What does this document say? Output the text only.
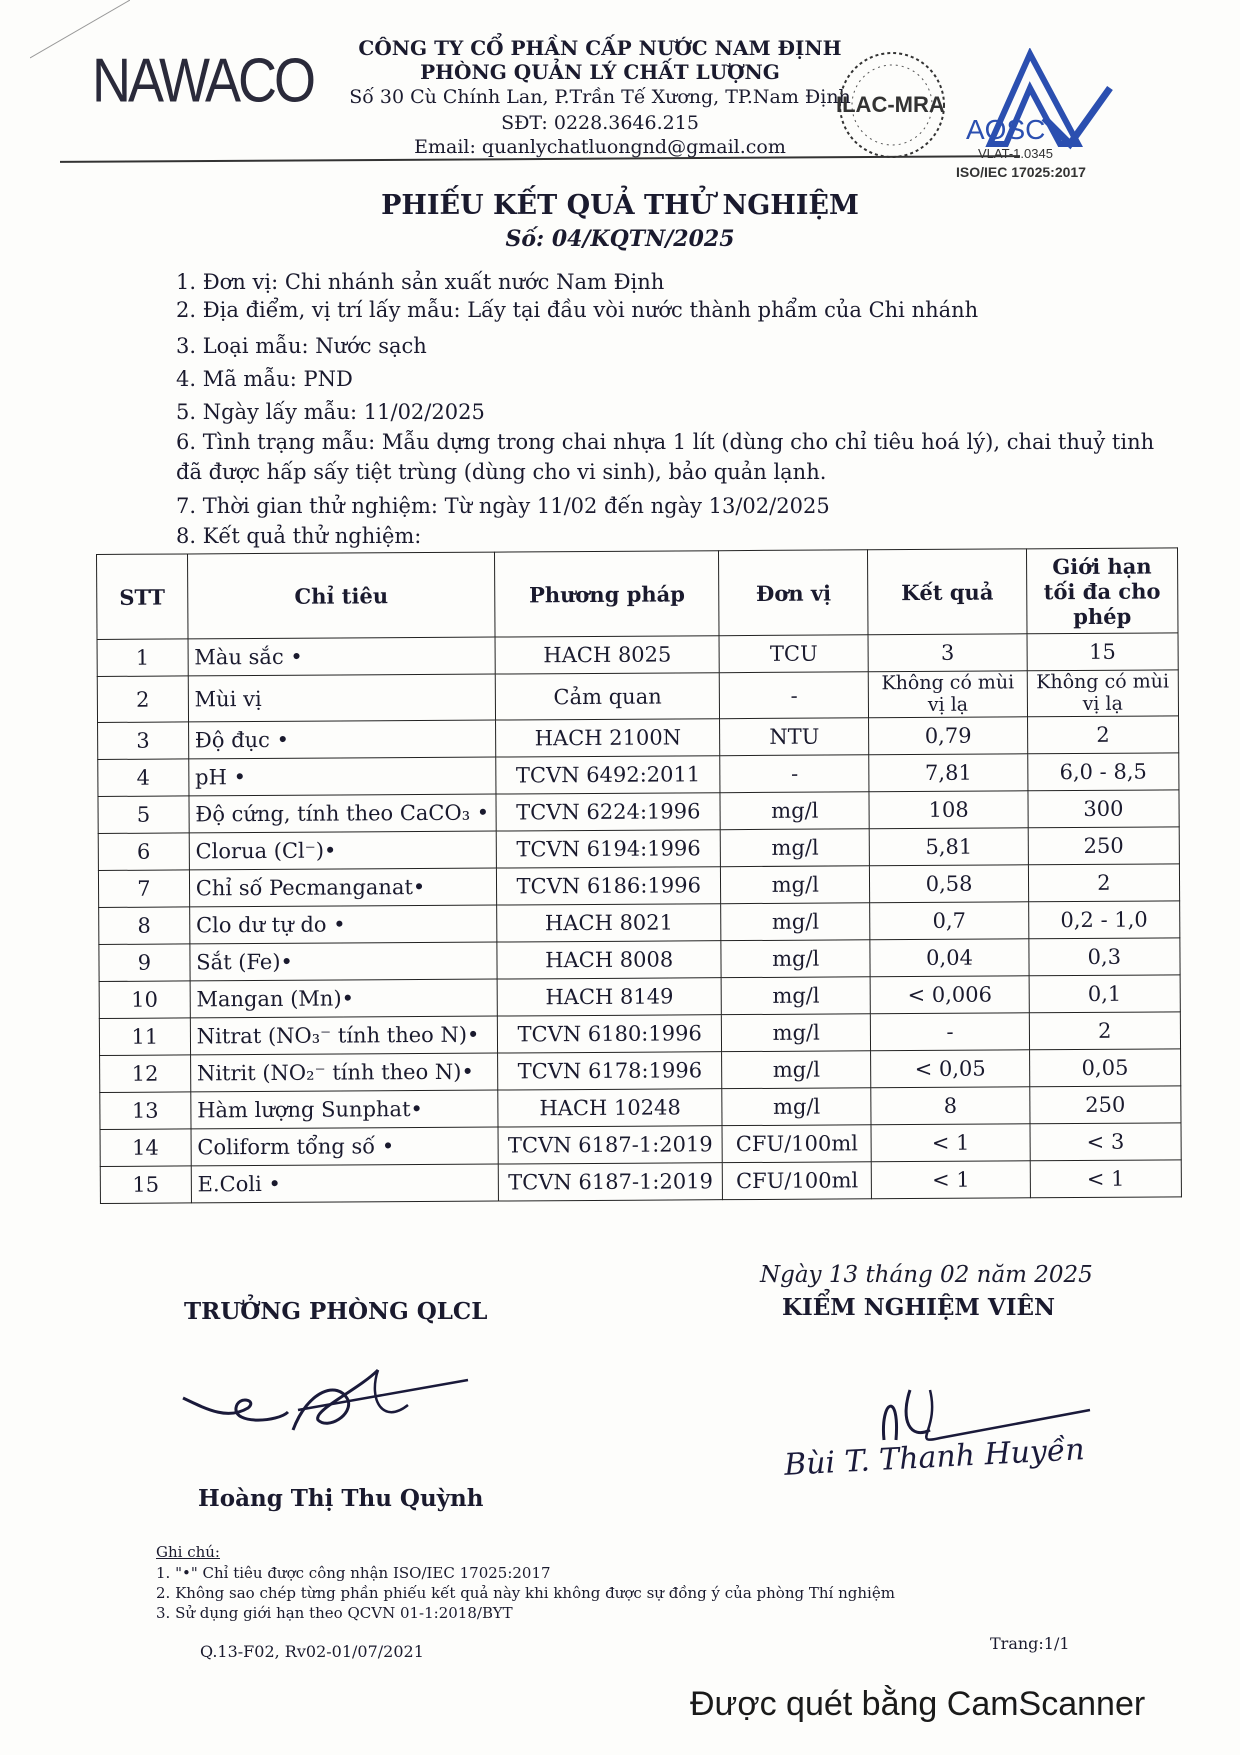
NAWACO	CÔNG TY CỔ PHẦN CẤP NƯỚC NAM ĐỊNH
PHÒNG QUẢN LÝ CHẤT LƯỢNG
Số 30 Cù Chính Lan, P.Trần Tế Xương, TP.Nam Định
SĐT: 0228.3646.215
Email: quanlychatluongnd@gmail.com
ILAC-MRA
AOSC
VLAT-1.0345
ISO/IEC 17025:2017
PHIẾU KẾT QUẢ THỬ NGHIỆM
Số: 04/KQTN/2025
1. Đơn vị: Chi nhánh sản xuất nước Nam Định
2. Địa điểm, vị trí lấy mẫu: Lấy tại đầu vòi nước thành phẩm của Chi nhánh
3. Loại mẫu: Nước sạch
4. Mã mẫu: PND
5. Ngày lấy mẫu: 11/02/2025
6. Tình trạng mẫu: Mẫu dựng trong chai nhựa 1 lít (dùng cho chỉ tiêu hoá lý), chai thuỷ tinh
đã được hấp sấy tiệt trùng (dùng cho vi sinh), bảo quản lạnh.
7. Thời gian thử nghiệm: Từ ngày 11/02 đến ngày 13/02/2025
8. Kết quả thử nghiệm:
STT	Chỉ tiêu	Phương pháp	Đơn vị	Kết quả	Giới hạn tối đa cho phép
1	Màu sắc •	HACH 8025	TCU	3	15
2	Mùi vị	Cảm quan	-	Không có mùi vị lạ	Không có mùi vị lạ
3	Độ đục •	HACH 2100N	NTU	0,79	2
4	pH •	TCVN 6492:2011	-	7,81	6,0 - 8,5
5	Độ cứng, tính theo CaCO₃ •	TCVN 6224:1996	mg/l	108	300
6	Clorua (Cl⁻)•	TCVN 6194:1996	mg/l	5,81	250
7	Chỉ số Pecmanganat•	TCVN 6186:1996	mg/l	0,58	2
8	Clo dư tự do •	HACH 8021	mg/l	0,7	0,2 - 1,0
9	Sắt (Fe)•	HACH 8008	mg/l	0,04	0,3
10	Mangan (Mn)•	HACH 8149	mg/l	< 0,006	0,1
11	Nitrat (NO₃⁻ tính theo N)•	TCVN 6180:1996	mg/l	-	2
12	Nitrit (NO₂⁻ tính theo N)•	TCVN 6178:1996	mg/l	< 0,05	0,05
13	Hàm lượng Sunphat•	HACH 10248	mg/l	8	250
14	Coliform tổng số •	TCVN 6187-1:2019	CFU/100ml	< 1	< 3
15	E.Coli •	TCVN 6187-1:2019	CFU/100ml	< 1	< 1
Ngày 13 tháng 02 năm 2025
TRƯỞNG PHÒNG QLCL	KIỂM NGHIỆM VIÊN
Bùi T. Thanh Huyền
Hoàng Thị Thu Quỳnh
Ghi chú:
1. "•" Chỉ tiêu được công nhận ISO/IEC 17025:2017
2. Không sao chép từng phần phiếu kết quả này khi không được sự đồng ý của phòng Thí nghiệm
3. Sử dụng giới hạn theo QCVN 01-1:2018/BYT
Q.13-F02, Rv02-01/07/2021	Trang:1/1
Được quét bằng CamScanner
